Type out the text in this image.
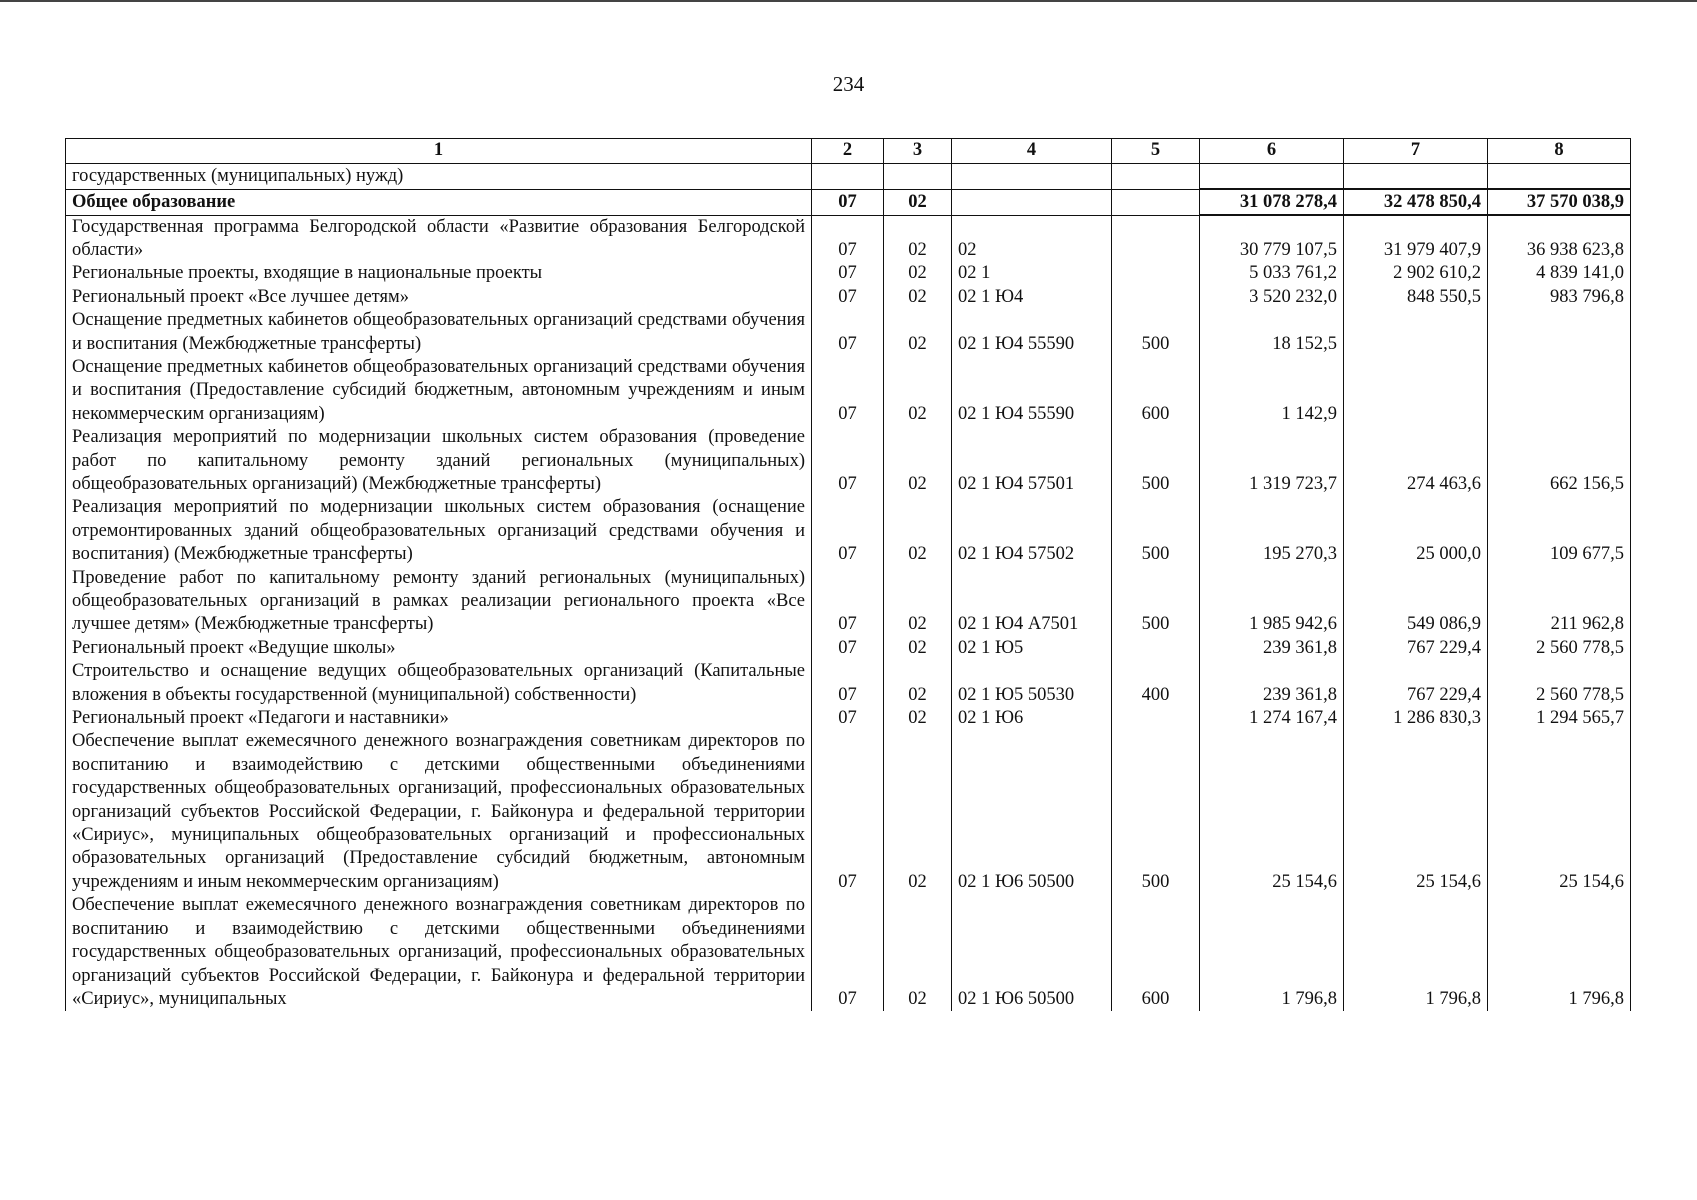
234
1	2	3	4	5	6	7	8
государственных (муниципальных) нужд)							
Общее образование	07	02			31 078 278,4	32 478 850,4	37 570 038,9
Государственная программа Белгородской области «Развитие образования Белгородской области»	07	02	02		30 779 107,5	31 979 407,9	36 938 623,8
Региональные проекты, входящие в национальные проекты	07	02	02 1		5 033 761,2	2 902 610,2	4 839 141,0
Региональный проект «Все лучшее детям»	07	02	02 1 Ю4		3 520 232,0	848 550,5	983 796,8
Оснащение предметных кабинетов общеобразовательных организаций средствами обучения и воспитания (Межбюджетные трансферты)	07	02	02 1 Ю4 55590	500	18 152,5		
Оснащение предметных кабинетов общеобразовательных организаций средствами обучения и воспитания (Предоставление субсидий бюджетным, автономным учреждениям и иным некоммерческим организациям)	07	02	02 1 Ю4 55590	600	1 142,9		
Реализация мероприятий по модернизации школьных систем образования (проведение работ по капитальному ремонту зданий региональных (муниципальных) общеобразовательных организаций) (Межбюджетные трансферты)	07	02	02 1 Ю4 57501	500	1 319 723,7	274 463,6	662 156,5
Реализация мероприятий по модернизации школьных систем образования (оснащение отремонтированных зданий общеобразовательных организаций средствами обучения и воспитания) (Межбюджетные трансферты)	07	02	02 1 Ю4 57502	500	195 270,3	25 000,0	109 677,5
Проведение работ по капитальному ремонту зданий региональных (муниципальных) общеобразовательных организаций в рамках реализации регионального проекта «Все лучшее детям» (Межбюджетные трансферты)	07	02	02 1 Ю4 А7501	500	1 985 942,6	549 086,9	211 962,8
Региональный проект «Ведущие школы»	07	02	02 1 Ю5		239 361,8	767 229,4	2 560 778,5
Строительство и оснащение ведущих общеобразовательных организаций (Капитальные вложения в объекты государственной (муниципальной) собственности)	07	02	02 1 Ю5 50530	400	239 361,8	767 229,4	2 560 778,5
Региональный проект «Педагоги и наставники»	07	02	02 1 Ю6		1 274 167,4	1 286 830,3	1 294 565,7
Обеспечение выплат ежемесячного денежного вознаграждения советникам директоров по воспитанию и взаимодействию с детскими общественными объединениями государственных общеобразовательных организаций, профессиональных образовательных организаций субъектов Российской Федерации, г. Байконура и федеральной территории «Сириус», муниципальных общеобразовательных организаций и профессиональных образовательных организаций (Предоставление субсидий бюджетным, автономным учреждениям и иным некоммерческим организациям)	07	02	02 1 Ю6 50500	500	25 154,6	25 154,6	25 154,6
Обеспечение выплат ежемесячного денежного вознаграждения советникам директоров по воспитанию и взаимодействию с детскими общественными объединениями государственных общеобразовательных организаций, профессиональных образовательных организаций субъектов Российской Федерации, г. Байконура и федеральной территории «Сириус», муниципальных	07	02	02 1 Ю6 50500	600	1 796,8	1 796,8	1 796,8
